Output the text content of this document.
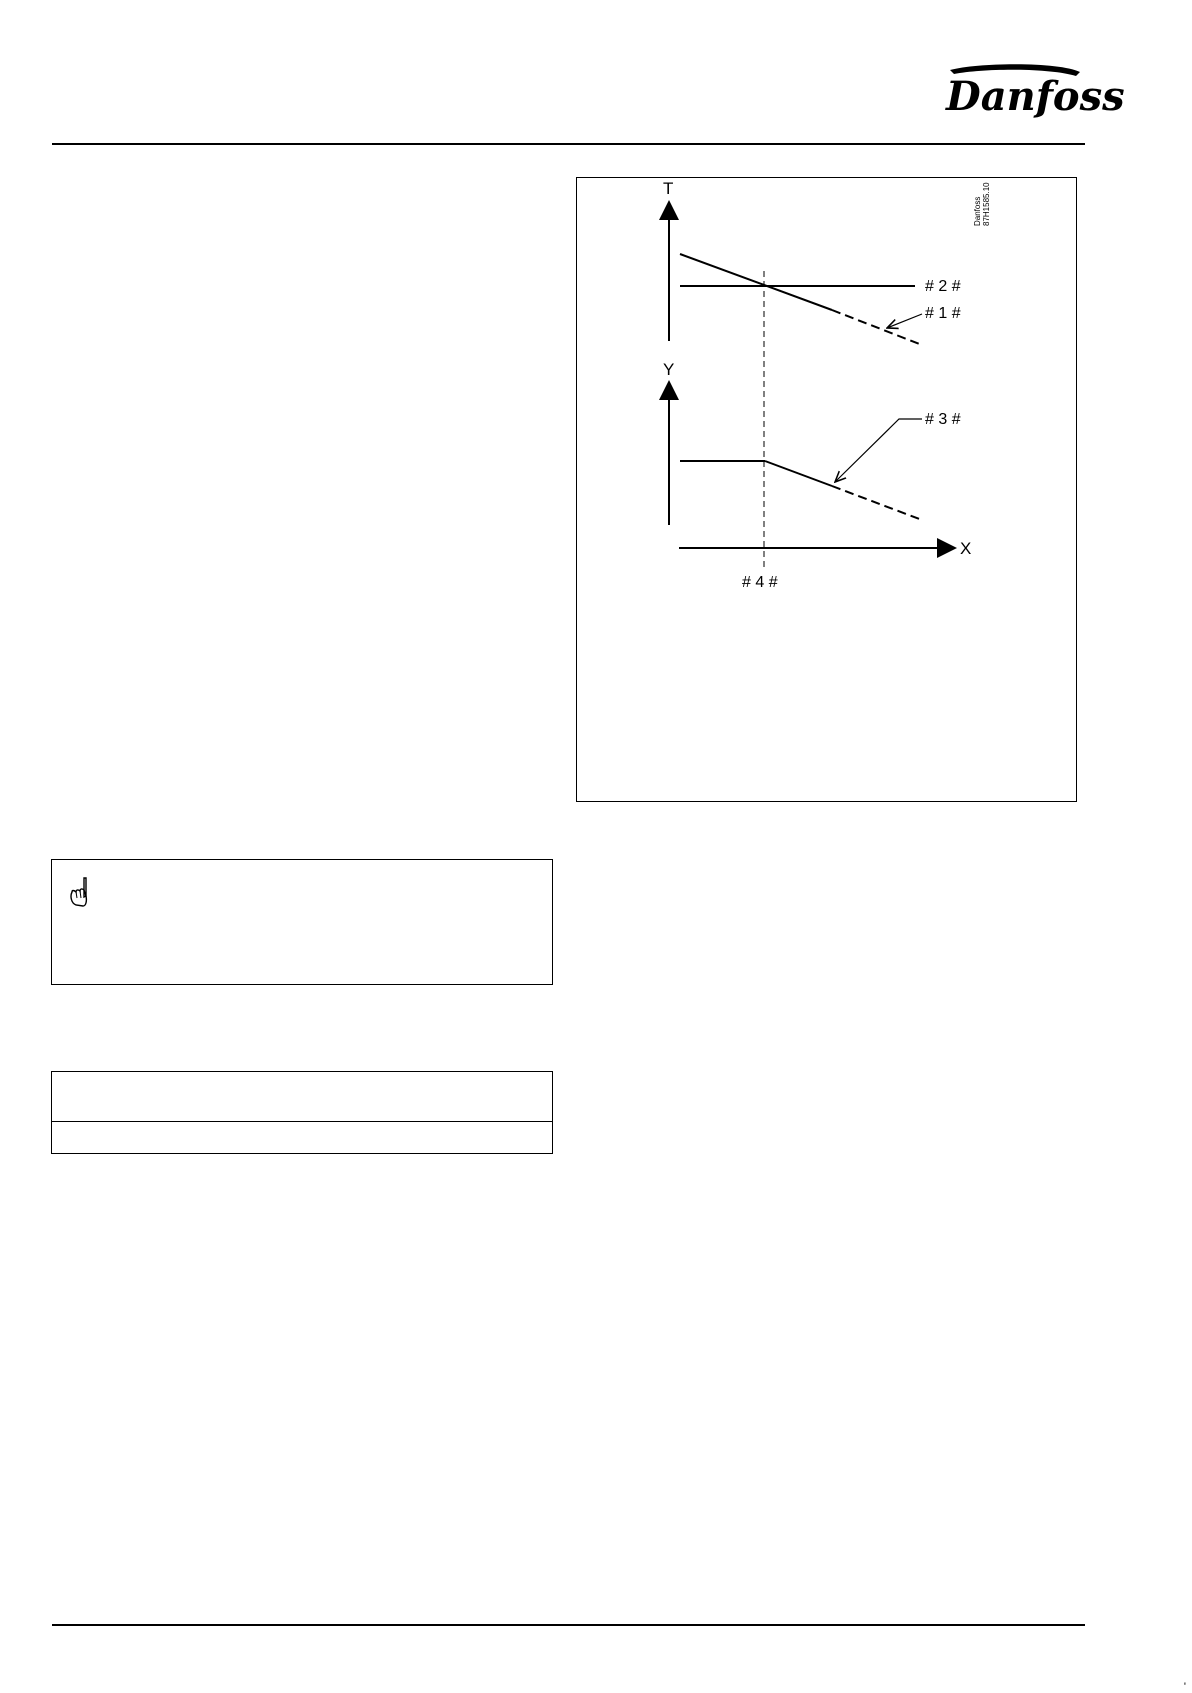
Danfoss
T
Y
X
# 2 #
# 1 #
# 3 #
# 4 #
Danfoss 87H1585.10
'
